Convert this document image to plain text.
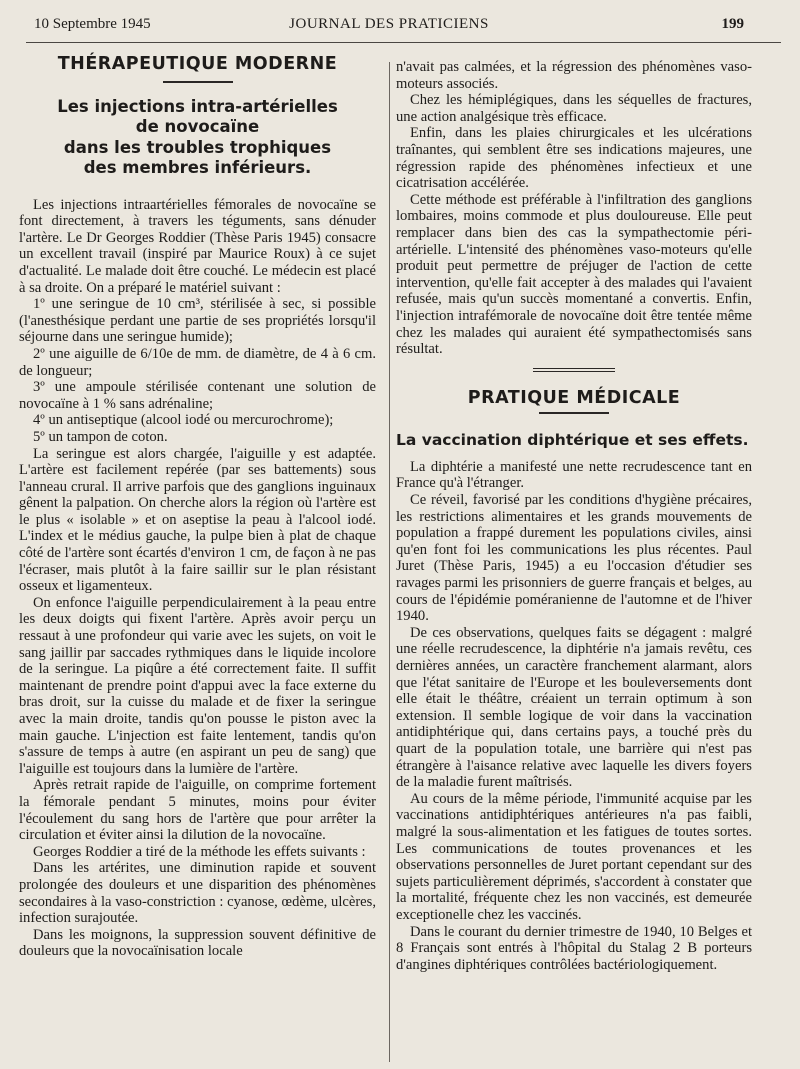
10 Septembre 1945	JOURNAL DES PRATICIENS	199
THÉRAPEUTIQUE MODERNE
Les injections intra-artérielles
de novocaïne
dans les troubles trophiques
des membres inférieurs.

Les injections intraartérielles fémorales de novocaïne se font directement, à travers les téguments, sans dénuder l'artère. Le Dr Georges Roddier (Thèse Paris 1945) consacre un excellent travail (inspiré par Maurice Roux) à ce sujet d'actualité. Le malade doit être couché. Le médecin est placé à sa droite. On a préparé le matériel suivant :

1º une seringue de 10 cm³, stérilisée à sec, si possible (l'anesthésique perdant une partie de ses propriétés lorsqu'il séjourne dans une seringue humide);

2º une aiguille de 6/10e de mm. de diamètre, de 4 à 6 cm. de longueur;

3º une ampoule stérilisée contenant une solution de novocaïne à 1 % sans adrénaline;

4º un antiseptique (alcool iodé ou mercurochrome);

5º un tampon de coton.

La seringue est alors chargée, l'aiguille y est adaptée. L'artère est facilement repérée (par ses battements) sous l'anneau crural. Il arrive parfois que des ganglions inguinaux gênent la palpation. On cherche alors la région où l'artère est le plus « isolable » et on aseptise la peau à l'alcool iodé. L'index et le médius gauche, la pulpe bien à plat de chaque côté de l'artère sont écartés d'environ 1 cm, de façon à ne pas l'écraser, mais plutôt à la faire saillir sur le plan résistant osseux et ligamenteux.

On enfonce l'aiguille perpendiculairement à la peau entre les deux doigts qui fixent l'artère. Après avoir perçu un ressaut à une profondeur qui varie avec les sujets, on voit le sang jaillir par saccades rythmiques dans le liquide incolore de la seringue. La piqûre a été correctement faite. Il suffit maintenant de prendre point d'appui avec la face externe du bras droit, sur la cuisse du malade et de fixer la seringue avec la main droite, tandis qu'on pousse le piston avec la main gauche. L'injection est faite lentement, tandis qu'on s'assure de temps à autre (en aspirant un peu de sang) que l'aiguille est toujours dans la lumière de l'artère.

Après retrait rapide de l'aiguille, on comprime fortement la fémorale pendant 5 minutes, moins pour éviter l'écoulement du sang hors de l'artère que pour arrêter la circulation et éviter ainsi la dilution de la novocaïne.

Georges Roddier a tiré de la méthode les effets suivants :

Dans les artérites, une diminution rapide et souvent prolongée des douleurs et une disparition des phénomènes secondaires à la vaso-constriction : cyanose, œdème, ulcères, infection surajoutée.

Dans les moignons, la suppression souvent définitive de douleurs que la novocaïnisation locale

n'avait pas calmées, et la régression des phénomènes vaso-moteurs associés.

Chez les hémiplégiques, dans les séquelles de fractures, une action analgésique très efficace.

Enfin, dans les plaies chirurgicales et les ulcérations traînantes, qui semblent être ses indications majeures, une régression rapide des phénomènes infectieux et une cicatrisation accélérée.

Cette méthode est préférable à l'infiltration des ganglions lombaires, moins commode et plus douloureuse. Elle peut remplacer dans bien des cas la sympathectomie péri-artérielle. L'intensité des phénomènes vaso-moteurs qu'elle produit peut permettre de préjuger de l'action de cette intervention, qu'elle fait accepter à des malades qui l'avaient refusée, mais qu'un succès momentané a convertis. Enfin, l'injection intrafémorale de novocaïne doit être tentée même chez les malades qui auraient été sympathectomisés sans résultat.

PRATIQUE MÉDICALE
La vaccination diphtérique et ses effets.

La diphtérie a manifesté une nette recrudescence tant en France qu'à l'étranger.

Ce réveil, favorisé par les conditions d'hygiène précaires, les restrictions alimentaires et les grands mouvements de population a frappé durement les populations civiles, ainsi qu'en font foi les communications les plus récentes. Paul Juret (Thèse Paris, 1945) a eu l'occasion d'étudier ses ravages parmi les prisonniers de guerre français et belges, au cours de l'épidémie poméranienne de l'automne et de l'hiver 1940.

De ces observations, quelques faits se dégagent : malgré une réelle recrudescence, la diphtérie n'a jamais revêtu, ces dernières années, un caractère franchement alarmant, alors que l'état sanitaire de l'Europe et les bouleversements dont elle était le théâtre, créaient un terrain optimum à son extension. Il semble logique de voir dans la vaccination antidiphtérique qui, dans certains pays, a touché près du quart de la population totale, une barrière qui n'est pas étrangère à l'aisance relative avec laquelle les divers foyers de la maladie furent maîtrisés.

Au cours de la même période, l'immunité acquise par les vaccinations antidiphtériques antérieures n'a pas faibli, malgré la sous-alimentation et les fatigues de toutes sortes. Les communications de toutes provenances et les observations personnelles de Juret portant cependant sur des sujets particulièrement déprimés, s'accordent à constater que la mortalité, fréquente chez les non vaccinés, est demeurée exceptionelle chez les vaccinés.

Dans le courant du dernier trimestre de 1940, 10 Belges et 8 Français sont entrés à l'hôpital du Stalag 2 B porteurs d'angines diphtériques contrôlées bactériologiquement.
